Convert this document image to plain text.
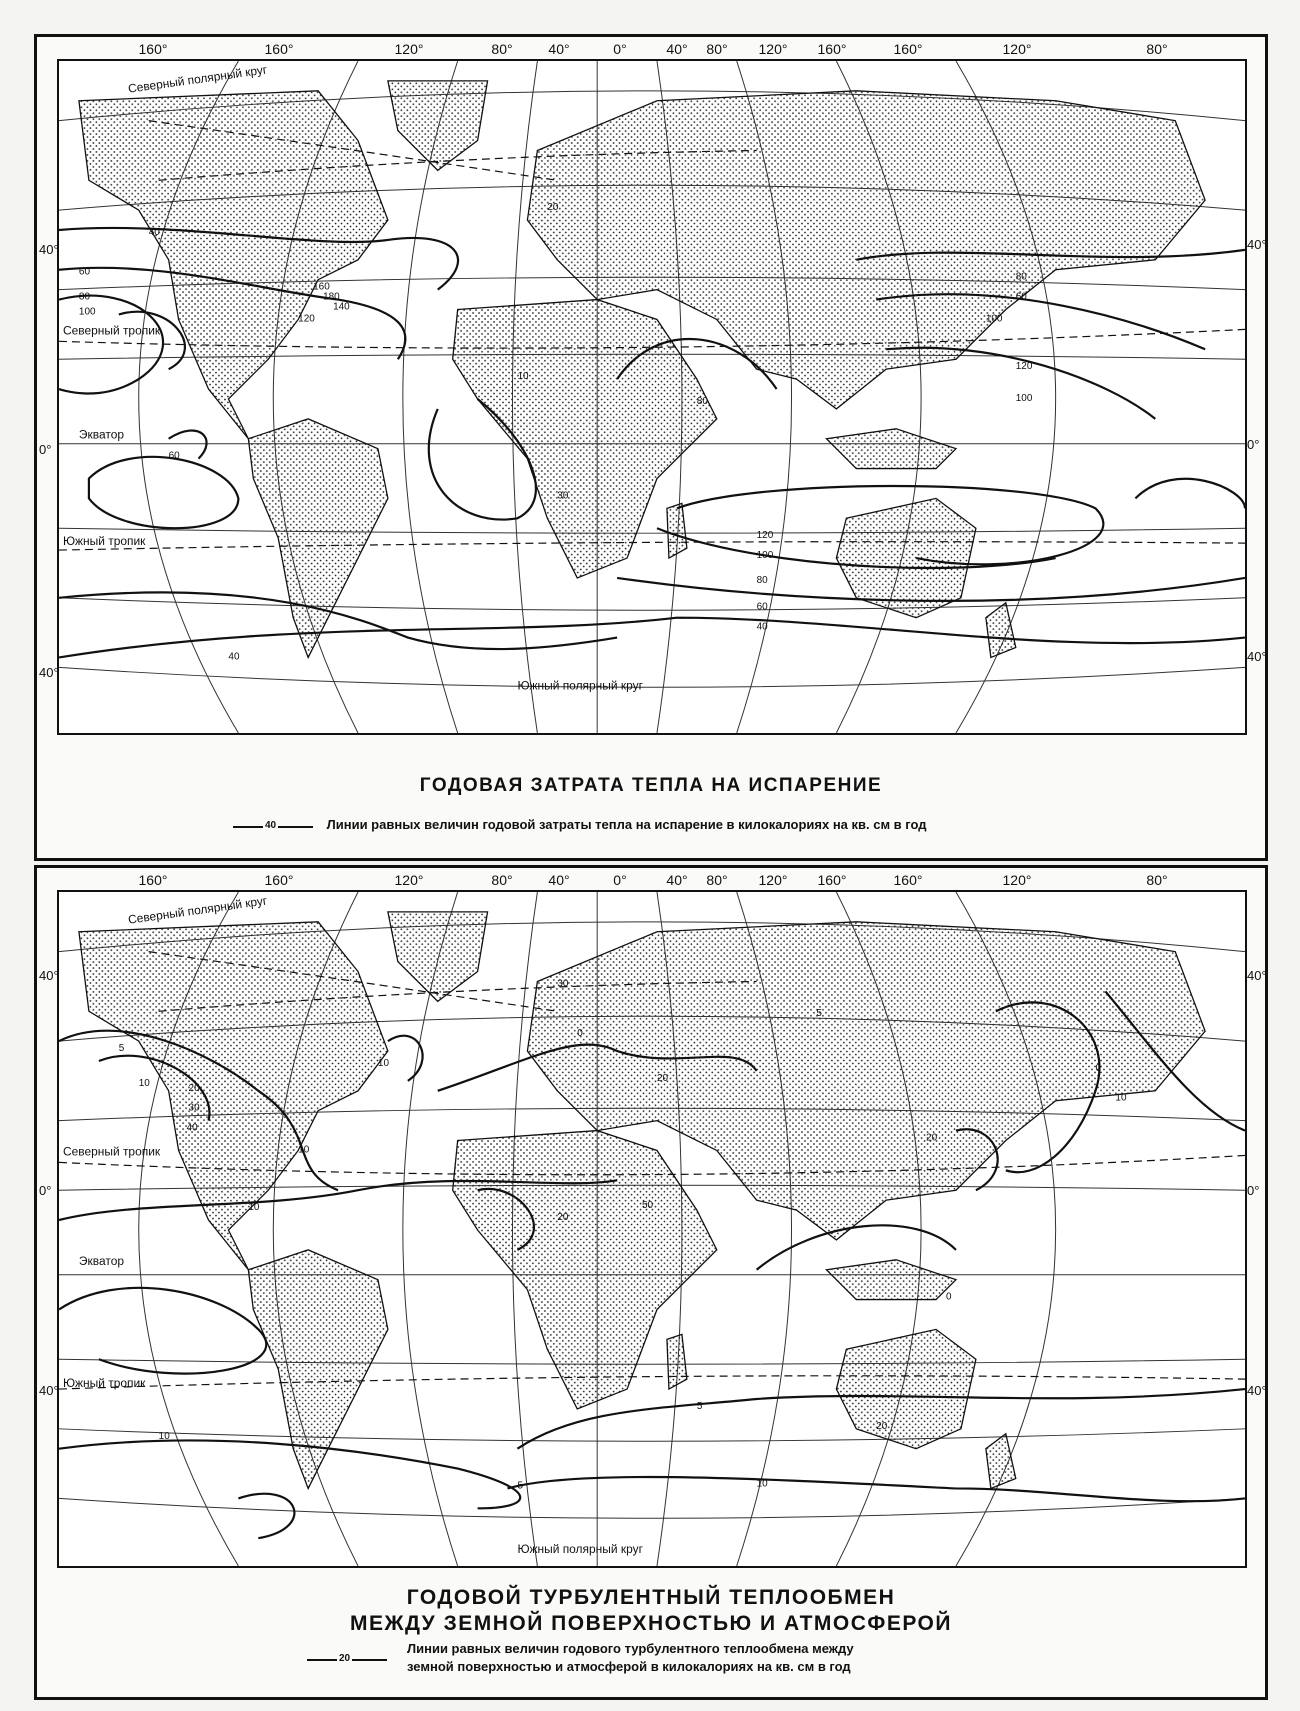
160°	160°	120°	80°	40°	0°	40° 80° 120° 160°	160°	120°	80°
Северный полярный круг
Северный тропик
Экватор
Южный тропик
Южный полярный круг
40
60
80
100
120
160
180
140
20
10
30
60
80
100
120
100
80
60
40
120
100
80
60
40
40°
0°
40°
40°
0°
40°
ГОДОВАЯ ЗАТРАТА ТЕПЛА НА ИСПАРЕНИЕ
40	Линии равных величин годовой затраты тепла на испарение в килокалориях на кв. см в год
160°	160°	120°	80°	40°	0°	40° 80° 120° 160°	160°	120°	80°
Северный полярный круг
Северный тропик
Экватор
Южный тропик
Южный полярный круг
5
10	20
30
40
10
0
10
20
30
50
10
20
5
0
10
20
5
10
0
5	10
20
40°
0°
40°
40°
0°
40°
ГОДОВОЙ ТУРБУЛЕНТНЫЙ ТЕПЛООБМЕН
МЕЖДУ ЗЕМНОЙ ПОВЕРХНОСТЬЮ И АТМОСФЕРОЙ
20
Линии равных величин годового турбулентного теплообмена между
земной поверхностью и атмосферой в килокалориях на кв. см в год
